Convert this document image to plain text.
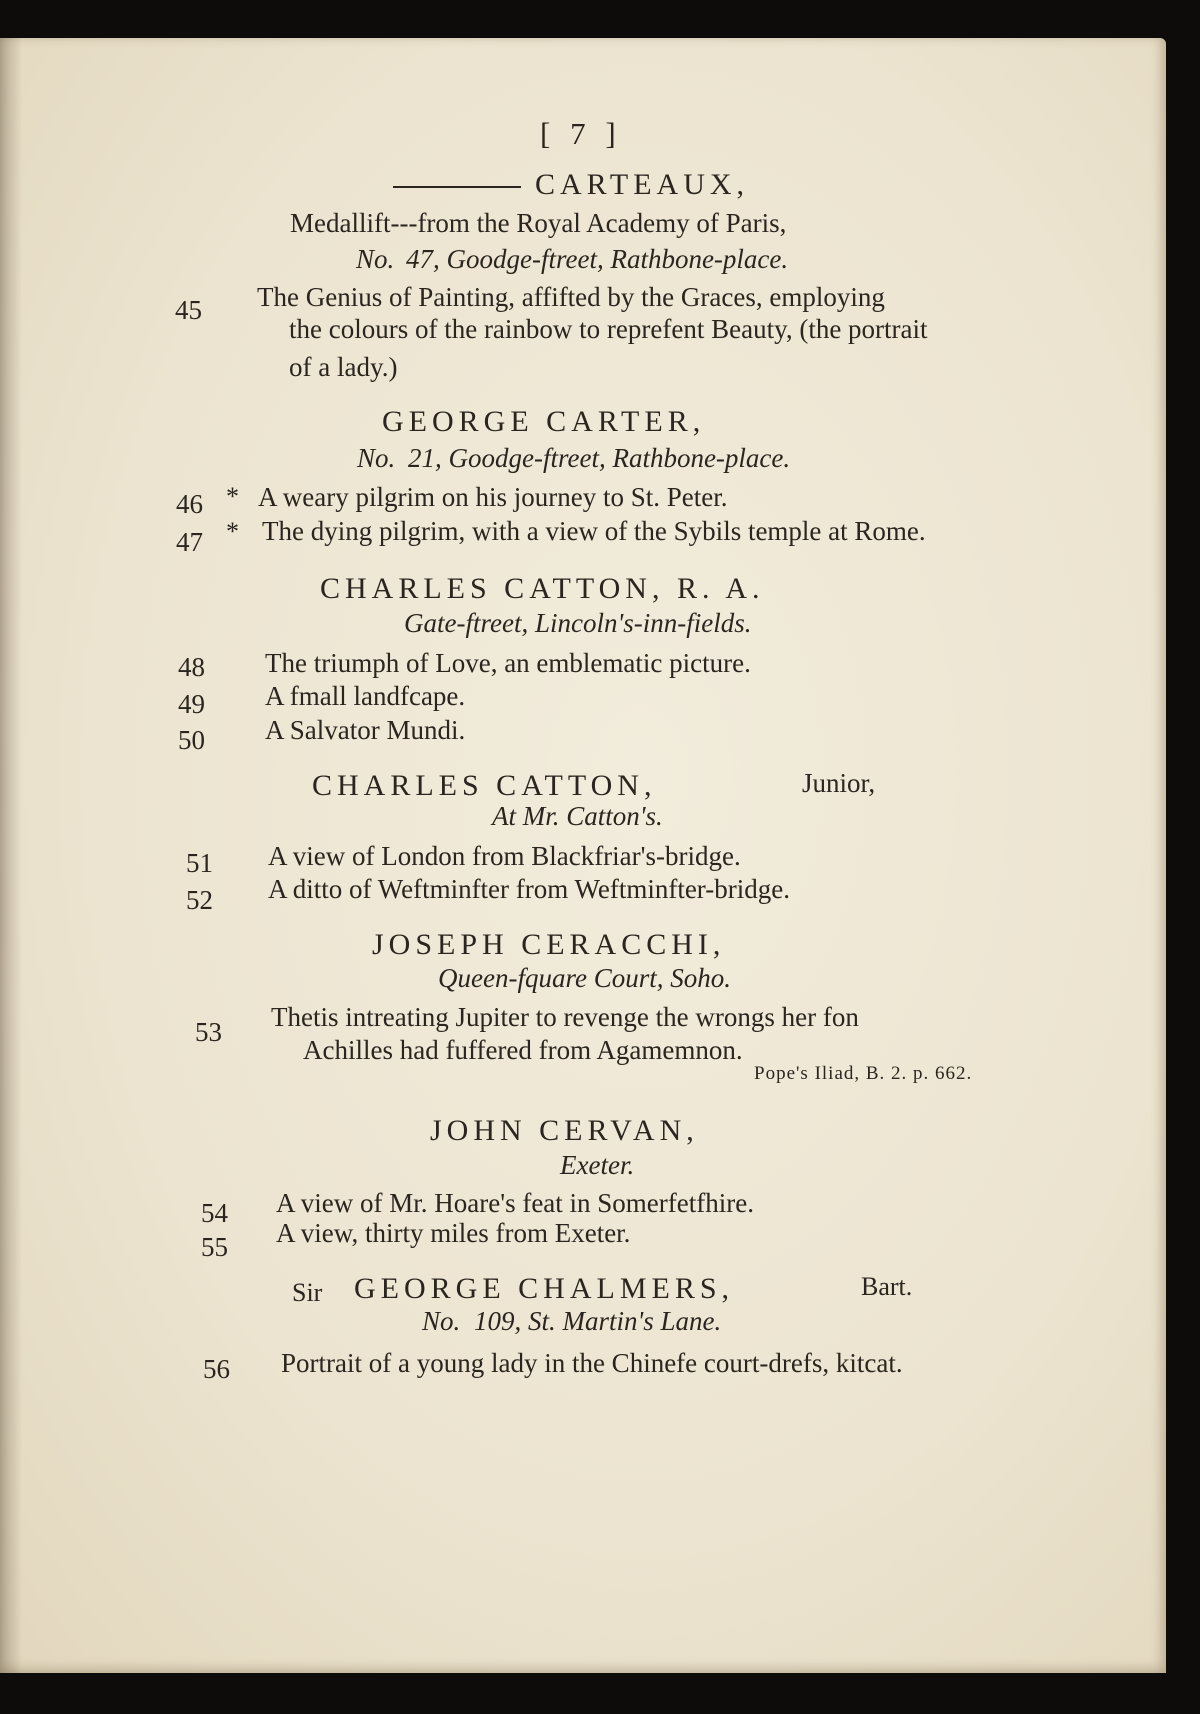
[ 7 ]
CARTEAUX,
Medallift---from the Royal Academy of Paris,
No. 47, Goodge-ftreet, Rathbone-place.
45 The Genius of Painting, affifted by the Graces, employing
the colours of the rainbow to reprefent Beauty, (the portrait
of a lady.)
GEORGE CARTER,
No. 21, Goodge-ftreet, Rathbone-place.
46 * A weary pilgrim on his journey to St. Peter.
47 * The dying pilgrim, with a view of the Sybils temple at Rome.
CHARLES CATTON, R. A.
Gate-ftreet, Lincoln's-inn-fields.
48 The triumph of Love, an emblematic picture.
49 A fmall landfcape.
50 A Salvator Mundi.
CHARLES CATTON,	Junior,
At Mr. Catton's.
51 A view of London from Blackfriar's-bridge.
52 A ditto of Weftminfter from Weftminfter-bridge.
JOSEPH CERACCHI,
Queen-fquare Court, Soho.
53 Thetis intreating Jupiter to revenge the wrongs her fon
Achilles had fuffered from Agamemnon.
Pope's Iliad, B. 2. p. 662.
JOHN CERVAN,
Exeter.
54 A view of Mr. Hoare's feat in Somerfetfhire.
55 A view, thirty miles from Exeter.
Sir GEORGE CHALMERS,	Bart.
No. 109, St. Martin's Lane.
56 Portrait of a young lady in the Chinefe court-drefs, kitcat.
